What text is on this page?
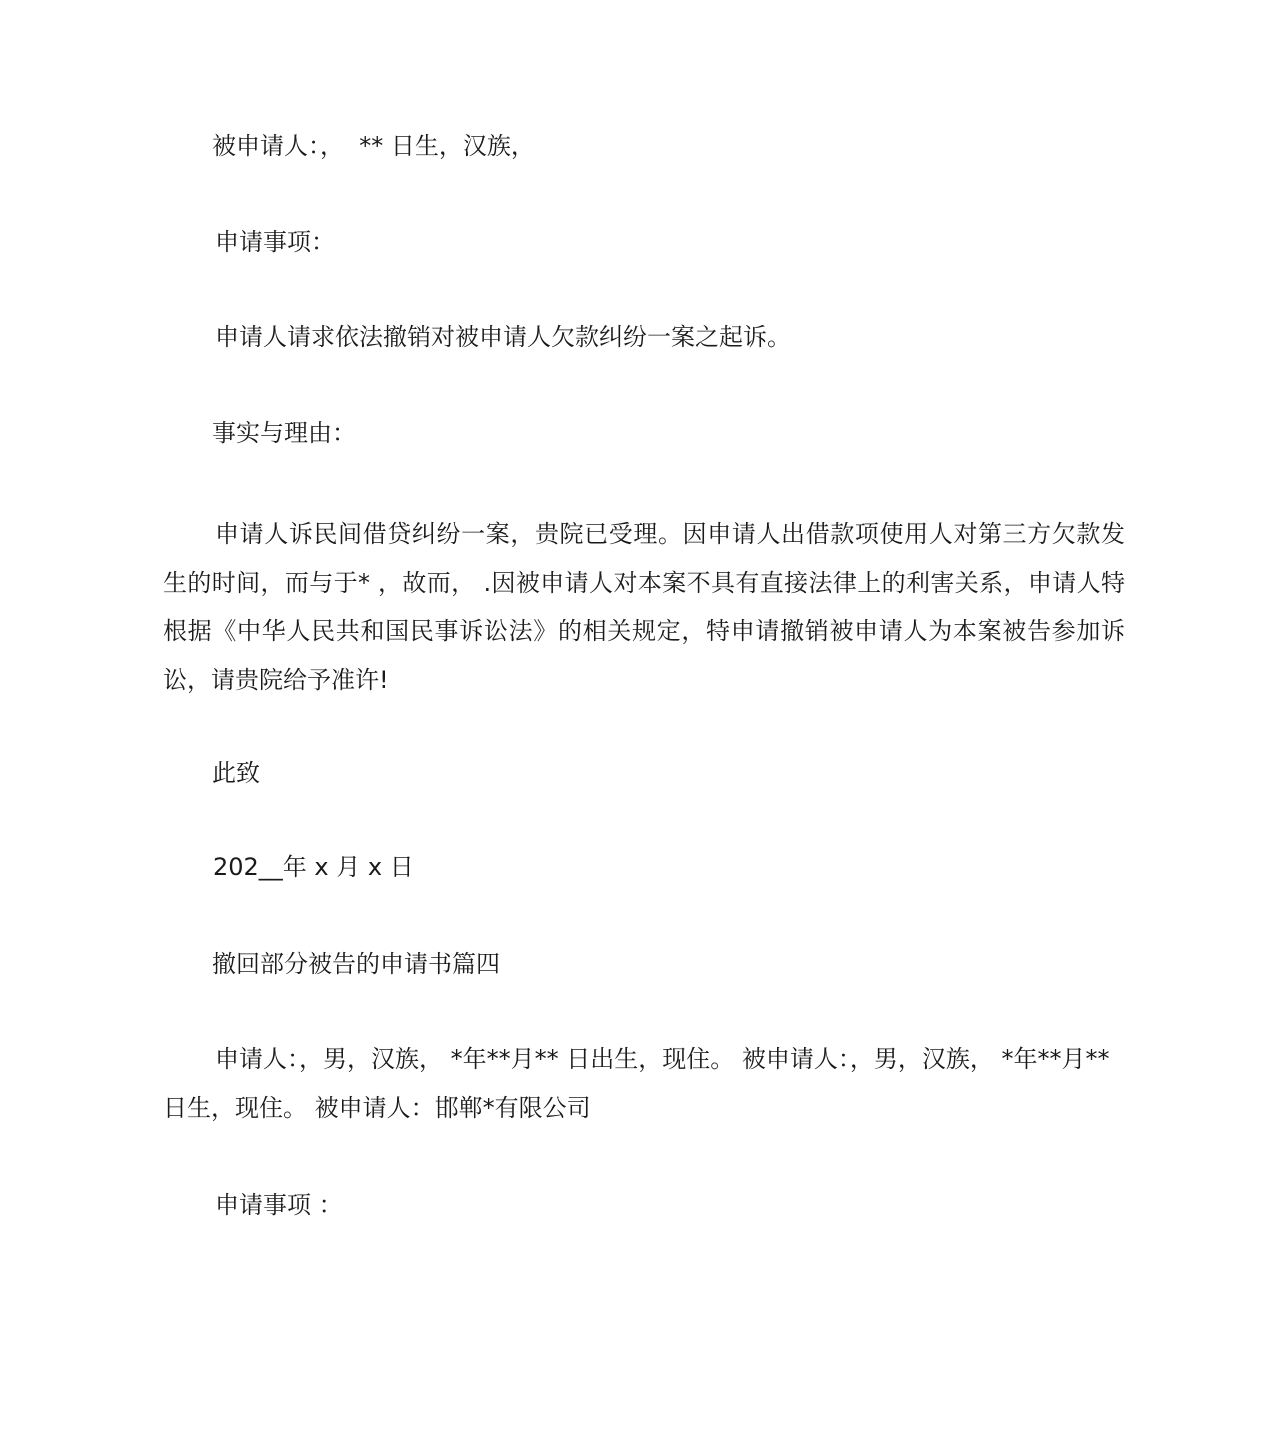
被申请人：，  ** 日生，汉族，

申请事项：

申请人请求依法撤销对被申请人欠款纠纷一案之起诉。

事实与理由：

申请人诉民间借贷纠纷一案，贵院已受理。因申请人出借款项使用人对第三方欠款发生的时间，而与于* ，故而， .因被申请人对本案不具有直接法律上的利害关系，申请人特根据《中华人民共和国民事诉讼法》的相关规定，特申请撤销被申请人为本案被告参加诉讼，请贵院给予准许!

此致

202__年 x 月 x 日

撤回部分被告的申请书篇四

申请人：，男，汉族， *年**月** 日出生，现住。 被申请人：，男，汉族， *年**月** 日生，现住。 被申请人：邯郸*有限公司

申请事项 ：
